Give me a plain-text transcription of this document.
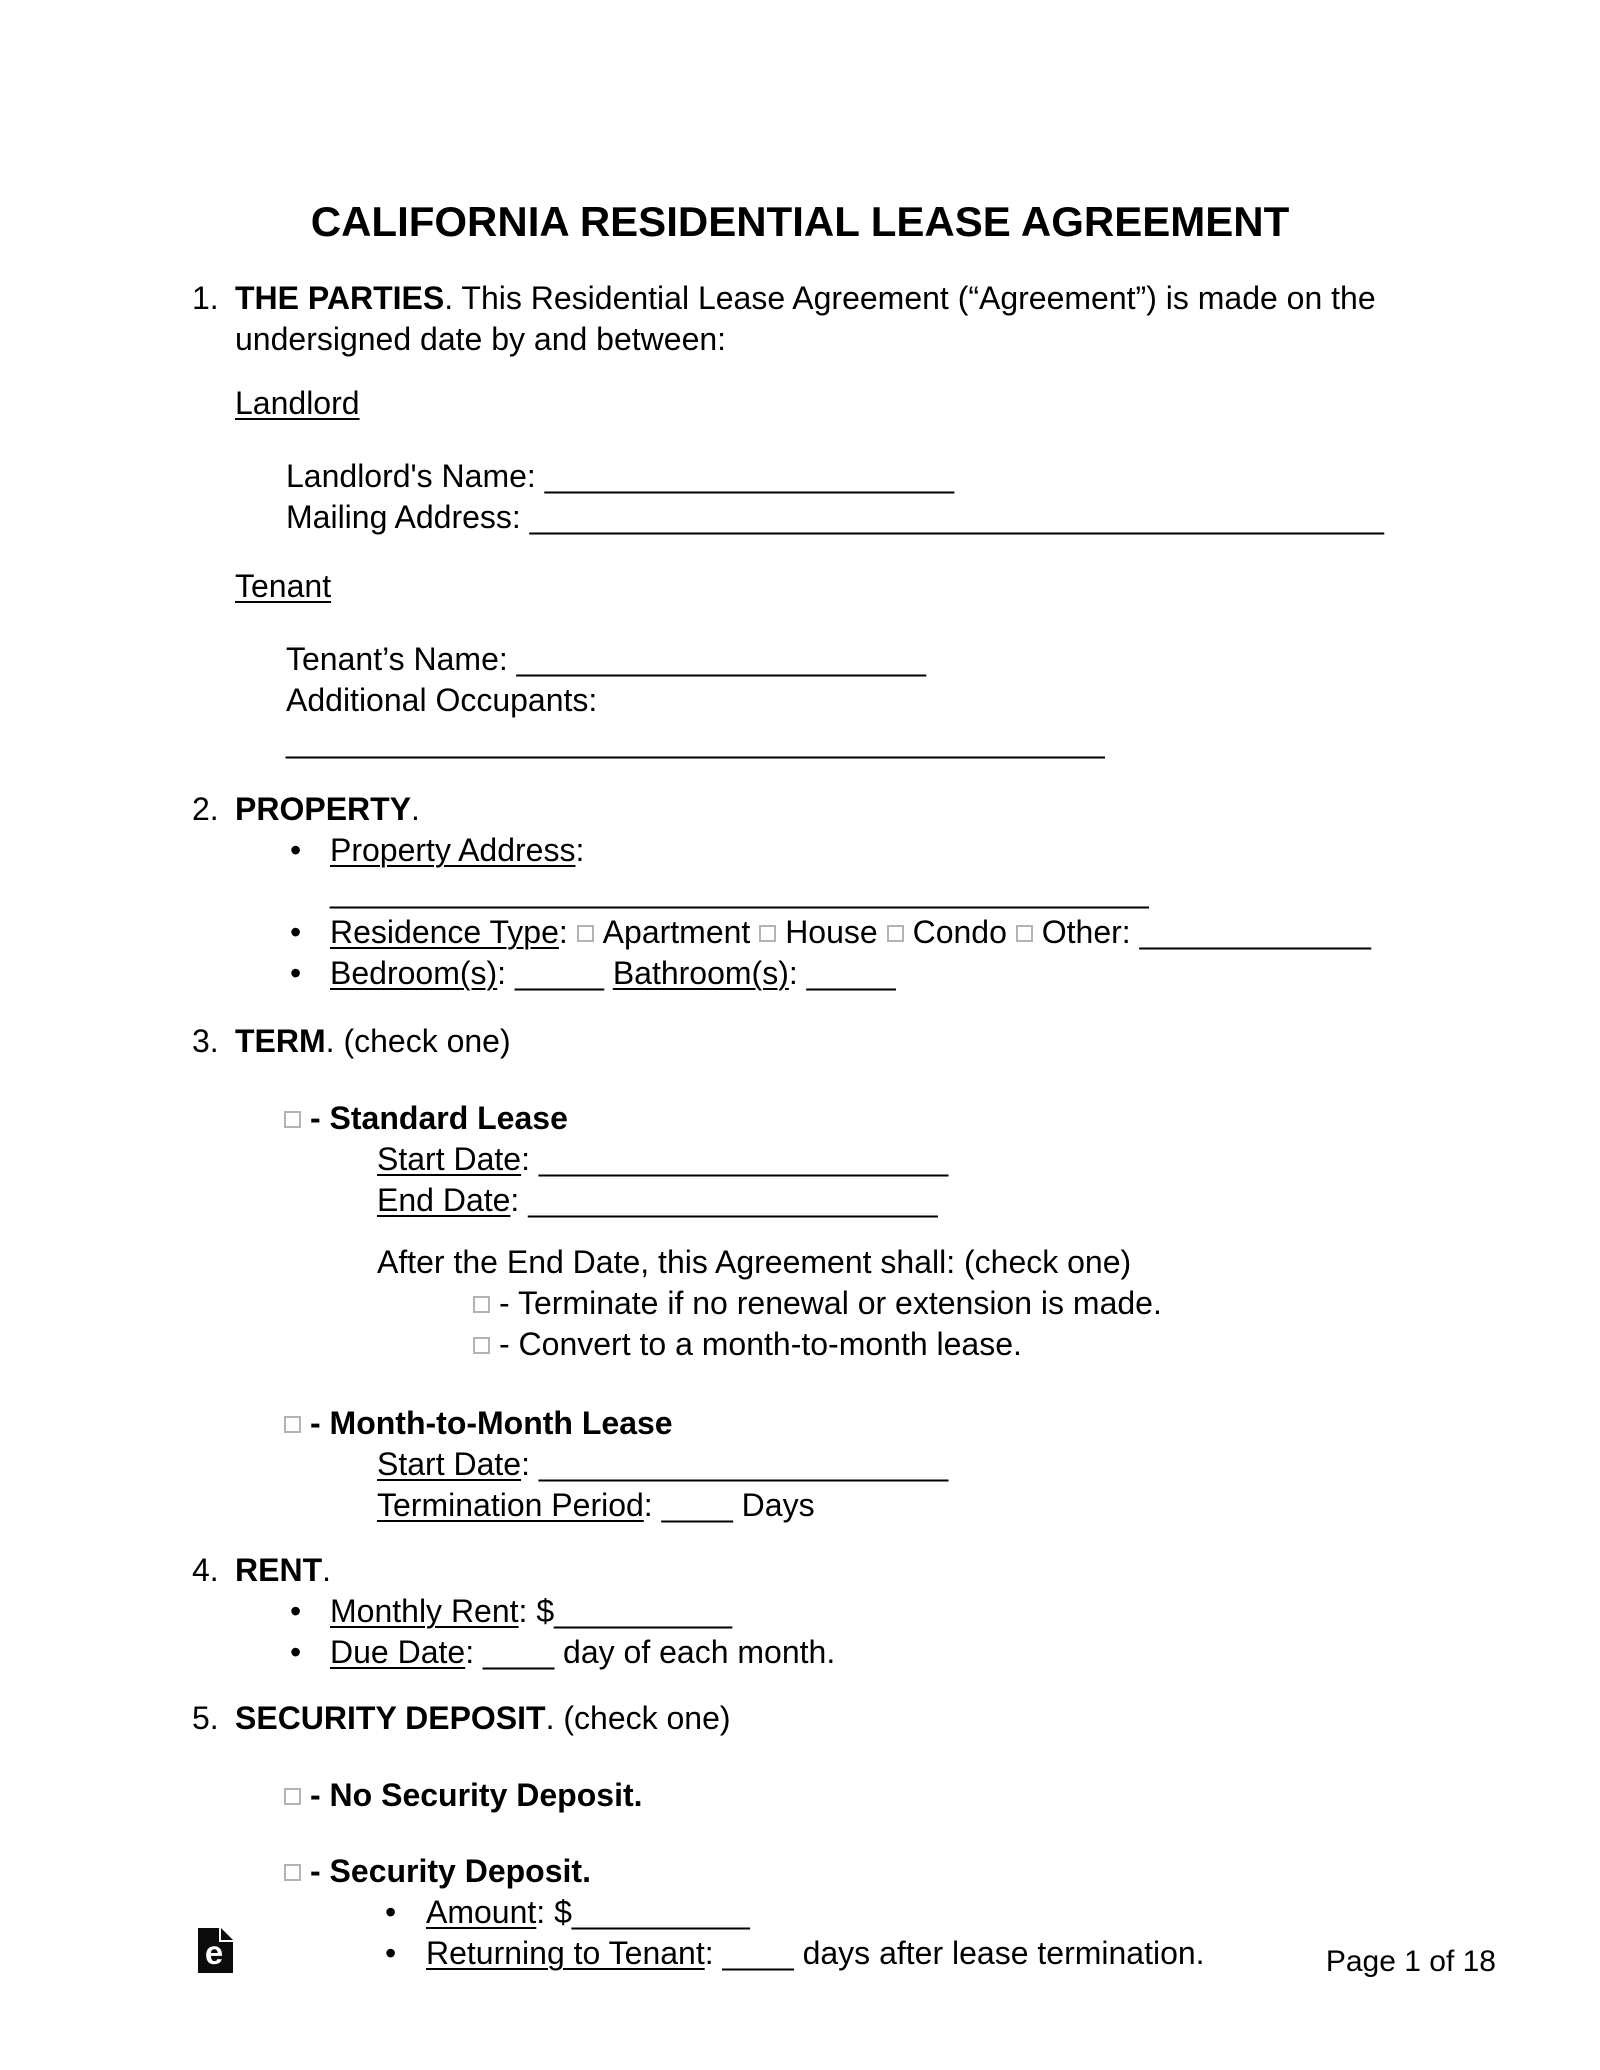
CALIFORNIA RESIDENTIAL LEASE AGREEMENT
1. THE PARTIES. This Residential Lease Agreement (“Agreement”) is made on the
undersigned date by and between:
Landlord
Landlord's Name: _______________________
Mailing Address: ________________________________________________
Tenant
Tenant’s Name: _______________________
Additional Occupants: ______________________________________________
2. PROPERTY.
• Property Address: ______________________________________________
• Residence Type: Apartment House Condo Other: _____________
• Bedroom(s): _____ Bathroom(s): _____
3. TERM. (check one)
- Standard Lease
Start Date: _______________________
End Date: _______________________
After the End Date, this Agreement shall: (check one)
- Terminate if no renewal or extension is made.
- Convert to a month-to-month lease.
- Month-to-Month Lease
Start Date: _______________________
Termination Period: ____ Days
4. RENT.
• Monthly Rent: $__________
• Due Date: ____ day of each month.
5. SECURITY DEPOSIT. (check one)
- No Security Deposit.
- Security Deposit.
• Amount: $__________
• Returning to Tenant: ____ days after lease termination.
e	Page 1 of 18
